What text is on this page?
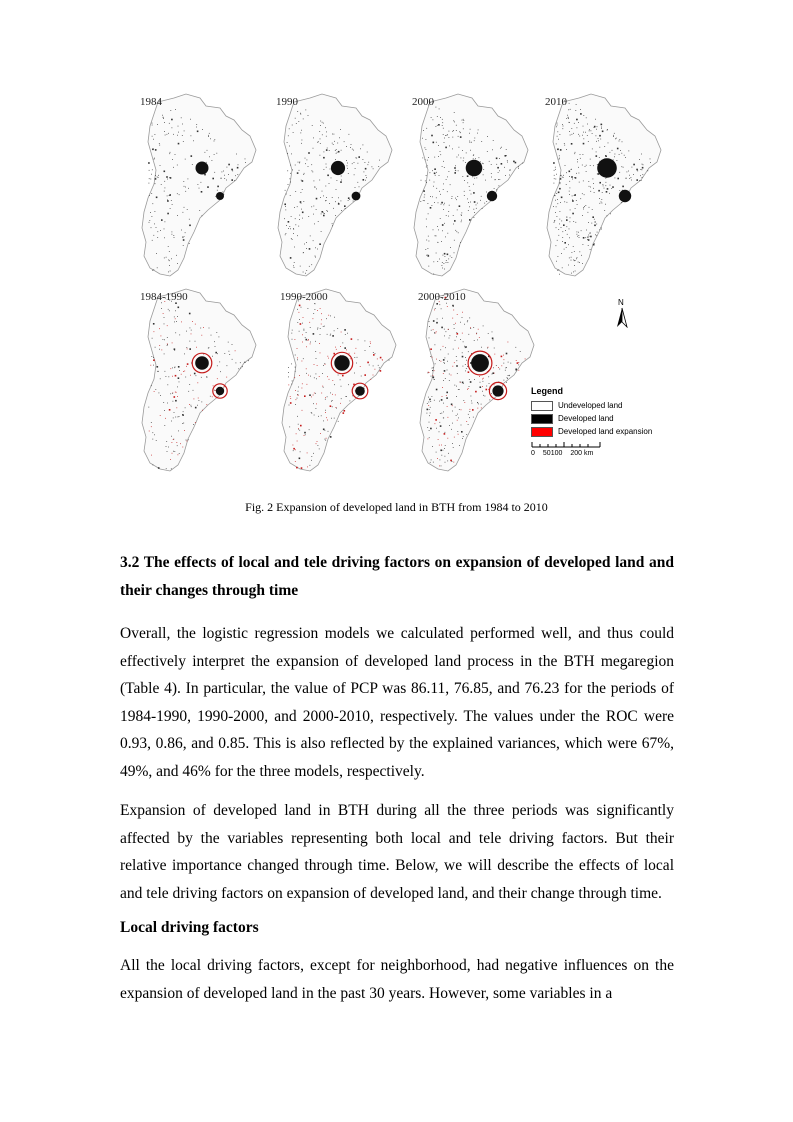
1984	1990	2000	2010
1984-1990	1990-2000	2000-2010	N
Legend
Undeveloped land
Developed land
Developed land expansion
0 50100 200 km
Fig. 2 Expansion of developed land in BTH from 1984 to 2010
3.2 The effects of local and tele driving factors on expansion of developed land and their changes through time

Overall, the logistic regression models we calculated performed well, and thus could effectively interpret the expansion of developed land process in the BTH megaregion (Table 4). In particular, the value of PCP was 86.11, 76.85, and 76.23 for the periods of 1984-1990, 1990-2000, and 2000-2010, respectively. The values under the ROC were 0.93, 0.86, and 0.85. This is also reflected by the explained variances, which were 67%, 49%, and 46% for the three models, respectively.

Expansion of developed land in BTH during all the three periods was significantly affected by the variables representing both local and tele driving factors. But their relative importance changed through time. Below, we will describe the effects of local and tele driving factors on expansion of developed land, and their change through time.

Local driving factors

All the local driving factors, except for neighborhood, had negative influences on the expansion of developed land in the past 30 years. However, some variables in a
